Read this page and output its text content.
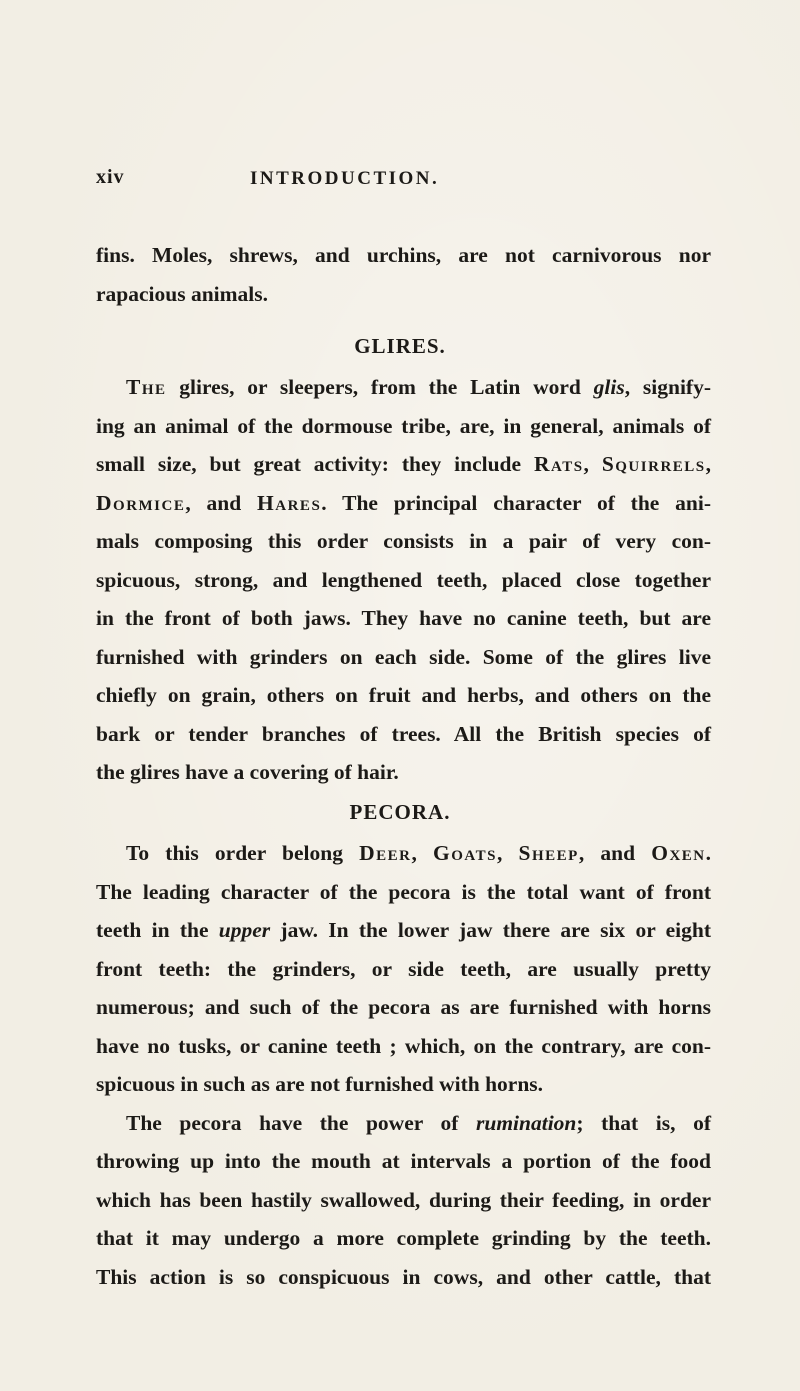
xiv	INTRODUCTION.
fins. Moles, shrews, and urchins, are not carnivorous nor
rapacious animals.
GLIRES.
The glires, or sleepers, from the Latin word glis, signify-
ing an animal of the dormouse tribe, are, in general, animals of
small size, but great activity: they include Rats, Squirrels,
Dormice, and Hares. The principal character of the ani-
mals composing this order consists in a pair of very con-
spicuous, strong, and lengthened teeth, placed close together
in the front of both jaws. They have no canine teeth, but are
furnished with grinders on each side. Some of the glires live
chiefly on grain, others on fruit and herbs, and others on the
bark or tender branches of trees. All the British species of
the glires have a covering of hair.
PECORA.
To this order belong Deer, Goats, Sheep, and Oxen.
The leading character of the pecora is the total want of front
teeth in the upper jaw. In the lower jaw there are six or eight
front teeth: the grinders, or side teeth, are usually pretty
numerous; and such of the pecora as are furnished with horns
have no tusks, or canine teeth ; which, on the contrary, are con-
spicuous in such as are not furnished with horns.
The pecora have the power of rumination; that is, of
throwing up into the mouth at intervals a portion of the food
which has been hastily swallowed, during their feeding, in order
that it may undergo a more complete grinding by the teeth.
This action is so conspicuous in cows, and other cattle, that
